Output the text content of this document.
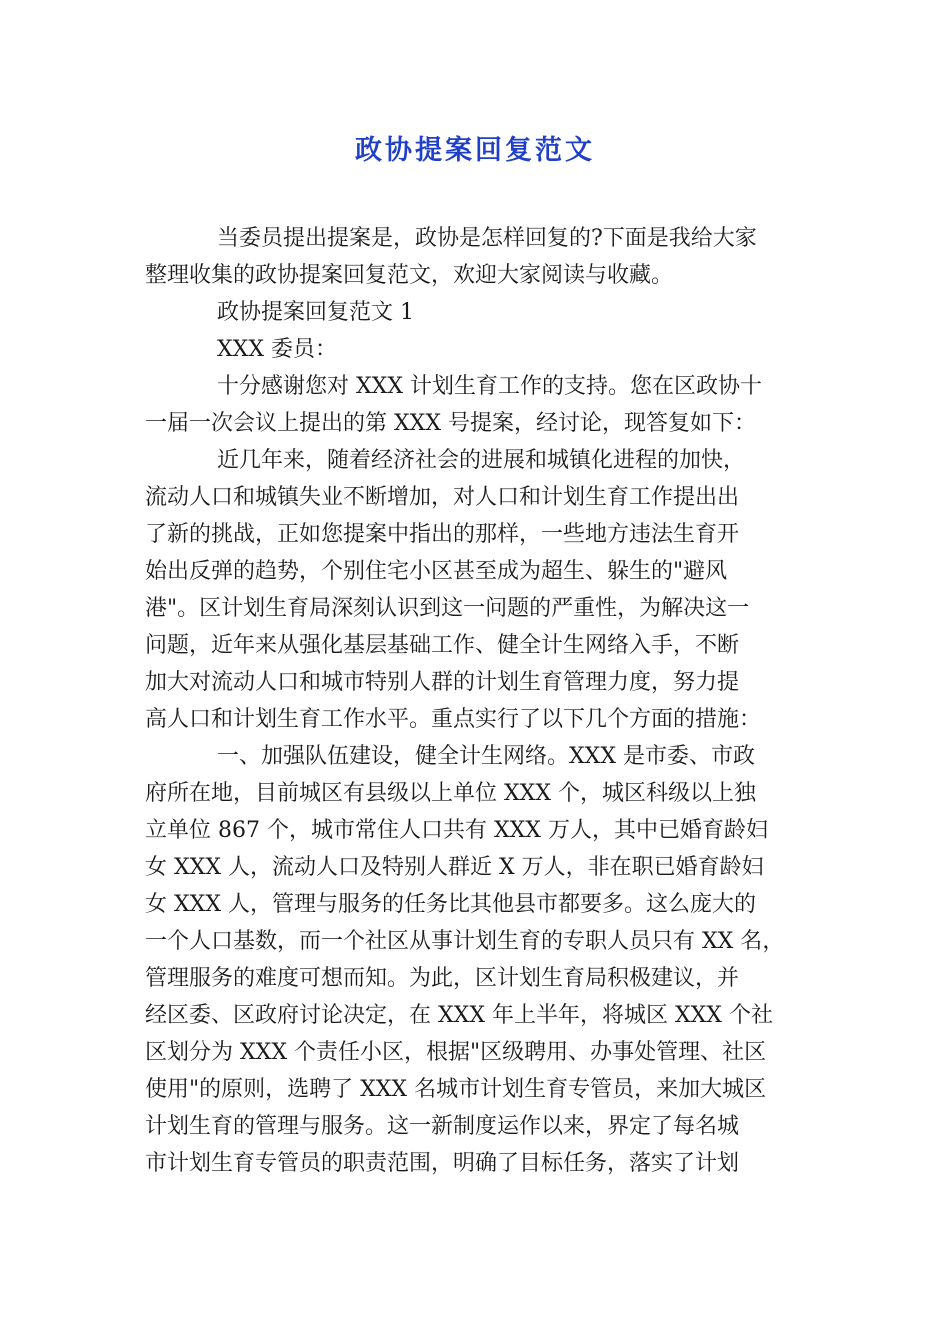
政协提案回复范文
当委员提出提案是，政协是怎样回复的?下面是我给大家
整理收集的政协提案回复范文，欢迎大家阅读与收藏。
政协提案回复范文 1
XXX 委员：
十分感谢您对 XXX 计划生育工作的支持。您在区政协十
一届一次会议上提出的第 XXX 号提案，经讨论，现答复如下：
近几年来，随着经济社会的进展和城镇化进程的加快，
流动人口和城镇失业不断增加，对人口和计划生育工作提出出
了新的挑战，正如您提案中指出的那样，一些地方违法生育开
始出反弹的趋势，个别住宅小区甚至成为超生、躲生的"避风
港"。区计划生育局深刻认识到这一问题的严重性，为解决这一
问题，近年来从强化基层基础工作、健全计生网络入手，不断
加大对流动人口和城市特别人群的计划生育管理力度，努力提
高人口和计划生育工作水平。重点实行了以下几个方面的措施：
一、加强队伍建设，健全计生网络。XXX 是市委、市政
府所在地，目前城区有县级以上单位 XXX 个，城区科级以上独
立单位 867 个，城市常住人口共有 XXX 万人，其中已婚育龄妇
女 XXX 人，流动人口及特别人群近 X 万人，非在职已婚育龄妇
女 XXX 人，管理与服务的任务比其他县市都要多。这么庞大的
一个人口基数，而一个社区从事计划生育的专职人员只有 XX 名，
管理服务的难度可想而知。为此，区计划生育局积极建议，并
经区委、区政府讨论决定，在 XXX 年上半年，将城区 XXX 个社
区划分为 XXX 个责任小区，根据"区级聘用、办事处管理、社区
使用"的原则，选聘了 XXX 名城市计划生育专管员，来加大城区
计划生育的管理与服务。这一新制度运作以来，界定了每名城
市计划生育专管员的职责范围，明确了目标任务，落实了计划
